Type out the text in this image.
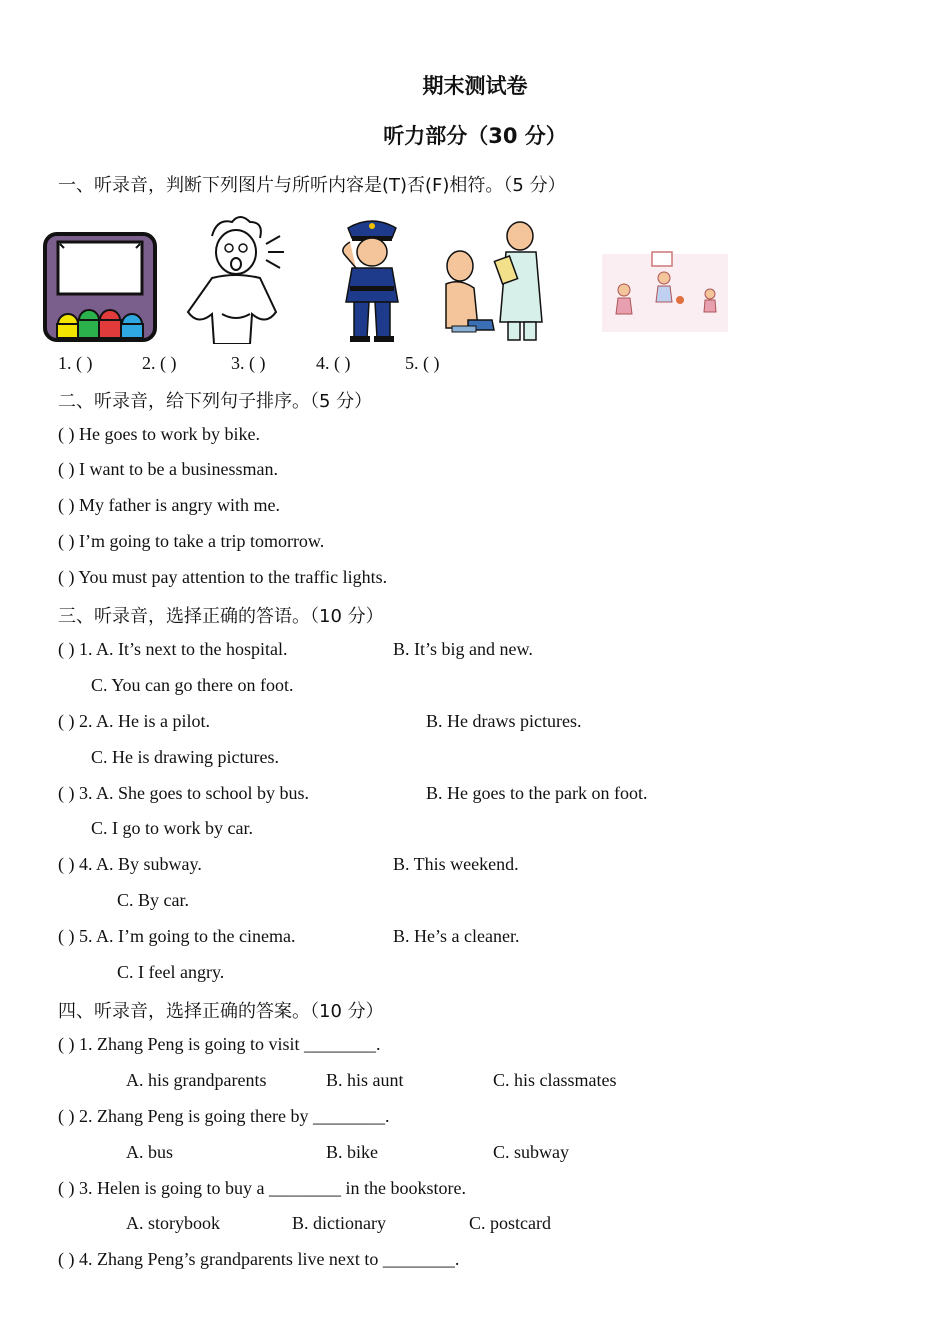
期末测试卷
听力部分（30 分）
一、听录音，判断下列图片与所听内容是(T)否(F)相符。（5 分）
1. ( )	2. ( )	3. ( )	4. ( )	5. ( )
二、听录音，给下列句子排序。（5 分）
( ) He goes to work by bike.
( ) I want to be a businessman.
( ) My father is angry with me.
( ) I’m going to take a trip tomorrow.
( ) You must pay attention to the traffic lights.
三、听录音，选择正确的答语。（10 分）
( ) 1. A. It’s next to the hospital.	B. It’s big and new.
C. You can go there on foot.
( ) 2. A. He is a pilot.	B. He draws pictures.
C. He is drawing pictures.
( ) 3. A. She goes to school by bus.	B. He goes to the park on foot.
C. I go to work by car.
( ) 4. A. By subway.	B. This weekend.
C. By car.
( ) 5. A. I’m going to the cinema.	B. He’s a cleaner.
C. I feel angry.
四、听录音，选择正确的答案。（10 分）
( ) 1. Zhang Peng is going to visit ________.
A. his grandparents	B. his aunt	C. his classmates
( ) 2. Zhang Peng is going there by ________.
A. bus	B. bike	C. subway
( ) 3. Helen is going to buy a ________ in the bookstore.
A. storybook	B. dictionary	C. postcard
( ) 4. Zhang Peng’s grandparents live next to ________.
